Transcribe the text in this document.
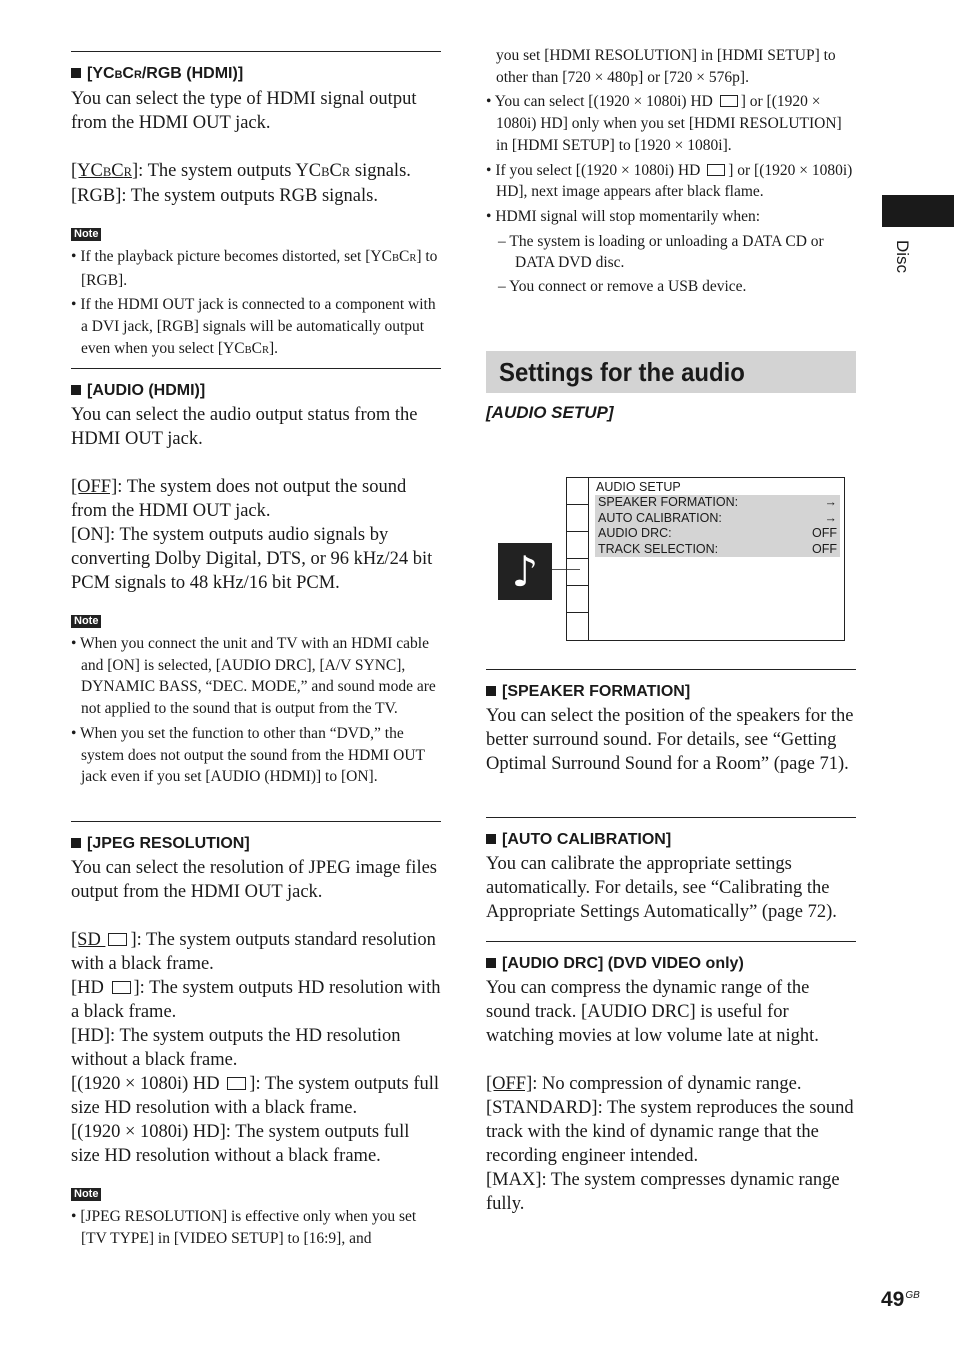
[YCBCR/RGB (HDMI)]

You can select the type of HDMI signal output from the HDMI OUT jack.

[YCBCR]: The system outputs YCBCR signals.

[RGB]: The system outputs RGB signals.

Note

• If the playback picture becomes distorted, set [YCBCR] to [RGB].

• If the HDMI OUT jack is connected to a component with a DVI jack, [RGB] signals will be automatically output even when you select [YCBCR].

[AUDIO (HDMI)]

You can select the audio output status from the HDMI OUT jack.

[OFF]: The system does not output the sound from the HDMI OUT jack.

[ON]: The system outputs audio signals by converting Dolby Digital, DTS, or 96 kHz/24 bit PCM signals to 48 kHz/16 bit PCM.

Note

• When you connect the unit and TV with an HDMI cable and [ON] is selected, [AUDIO DRC], [A/V SYNC], DYNAMIC BASS, “DEC. MODE,” and sound mode are not applied to the sound that is output from the TV.

• When you set the function to other than “DVD,” the system does not output the sound from the HDMI OUT jack even if you set [AUDIO (HDMI)] to [ON].

[JPEG RESOLUTION]

You can select the resolution of JPEG image files output from the HDMI OUT jack.

[SD ]: The system outputs standard resolution with a black frame.

[HD ]: The system outputs HD resolution with a black frame.

[HD]: The system outputs the HD resolution without a black frame.

[(1920 × 1080i) HD ]: The system outputs full size HD resolution with a black frame.

[(1920 × 1080i) HD]: The system outputs full size HD resolution without a black frame.

Note

• [JPEG RESOLUTION] is effective only when you set [TV TYPE] in [VIDEO SETUP] to [16:9], and

you set [HDMI RESOLUTION] in [HDMI SETUP] to other than [720 × 480p] or [720 × 576p].

• You can select [(1920 × 1080i) HD ] or [(1920 × 1080i) HD] only when you set [HDMI RESOLUTION] in [HDMI SETUP] to [1920 × 1080i].

• If you select [(1920 × 1080i) HD ] or [(1920 × 1080i) HD], next image appears after black flame.

• HDMI signal will stop momentarily when:

– The system is loading or unloading a DATA CD or DATA DVD disc.

– You connect or remove a USB device.

Settings for the audio
[AUDIO SETUP]
[SPEAKER FORMATION]

You can select the position of the speakers for the better surround sound. For details, see “Getting Optimal Surround Sound for a Room” (page 71).

[AUTO CALIBRATION]

You can calibrate the appropriate settings automatically. For details, see “Calibrating the Appropriate Settings Automatically” (page 72).

[AUDIO DRC] (DVD VIDEO only)

You can compress the dynamic range of the sound track. [AUDIO DRC] is useful for watching movies at low volume late at night.

[OFF]: No compression of dynamic range.

[STANDARD]: The system reproduces the sound track with the kind of dynamic range that the recording engineer intended.

[MAX]: The system compresses dynamic range fully.

♪
AUDIO SETUP
SPEAKER FORMATION:	→
AUTO CALIBRATION:	→
AUDIO DRC:	OFF
TRACK SELECTION:	OFF
Disc
$49^{GB}$
